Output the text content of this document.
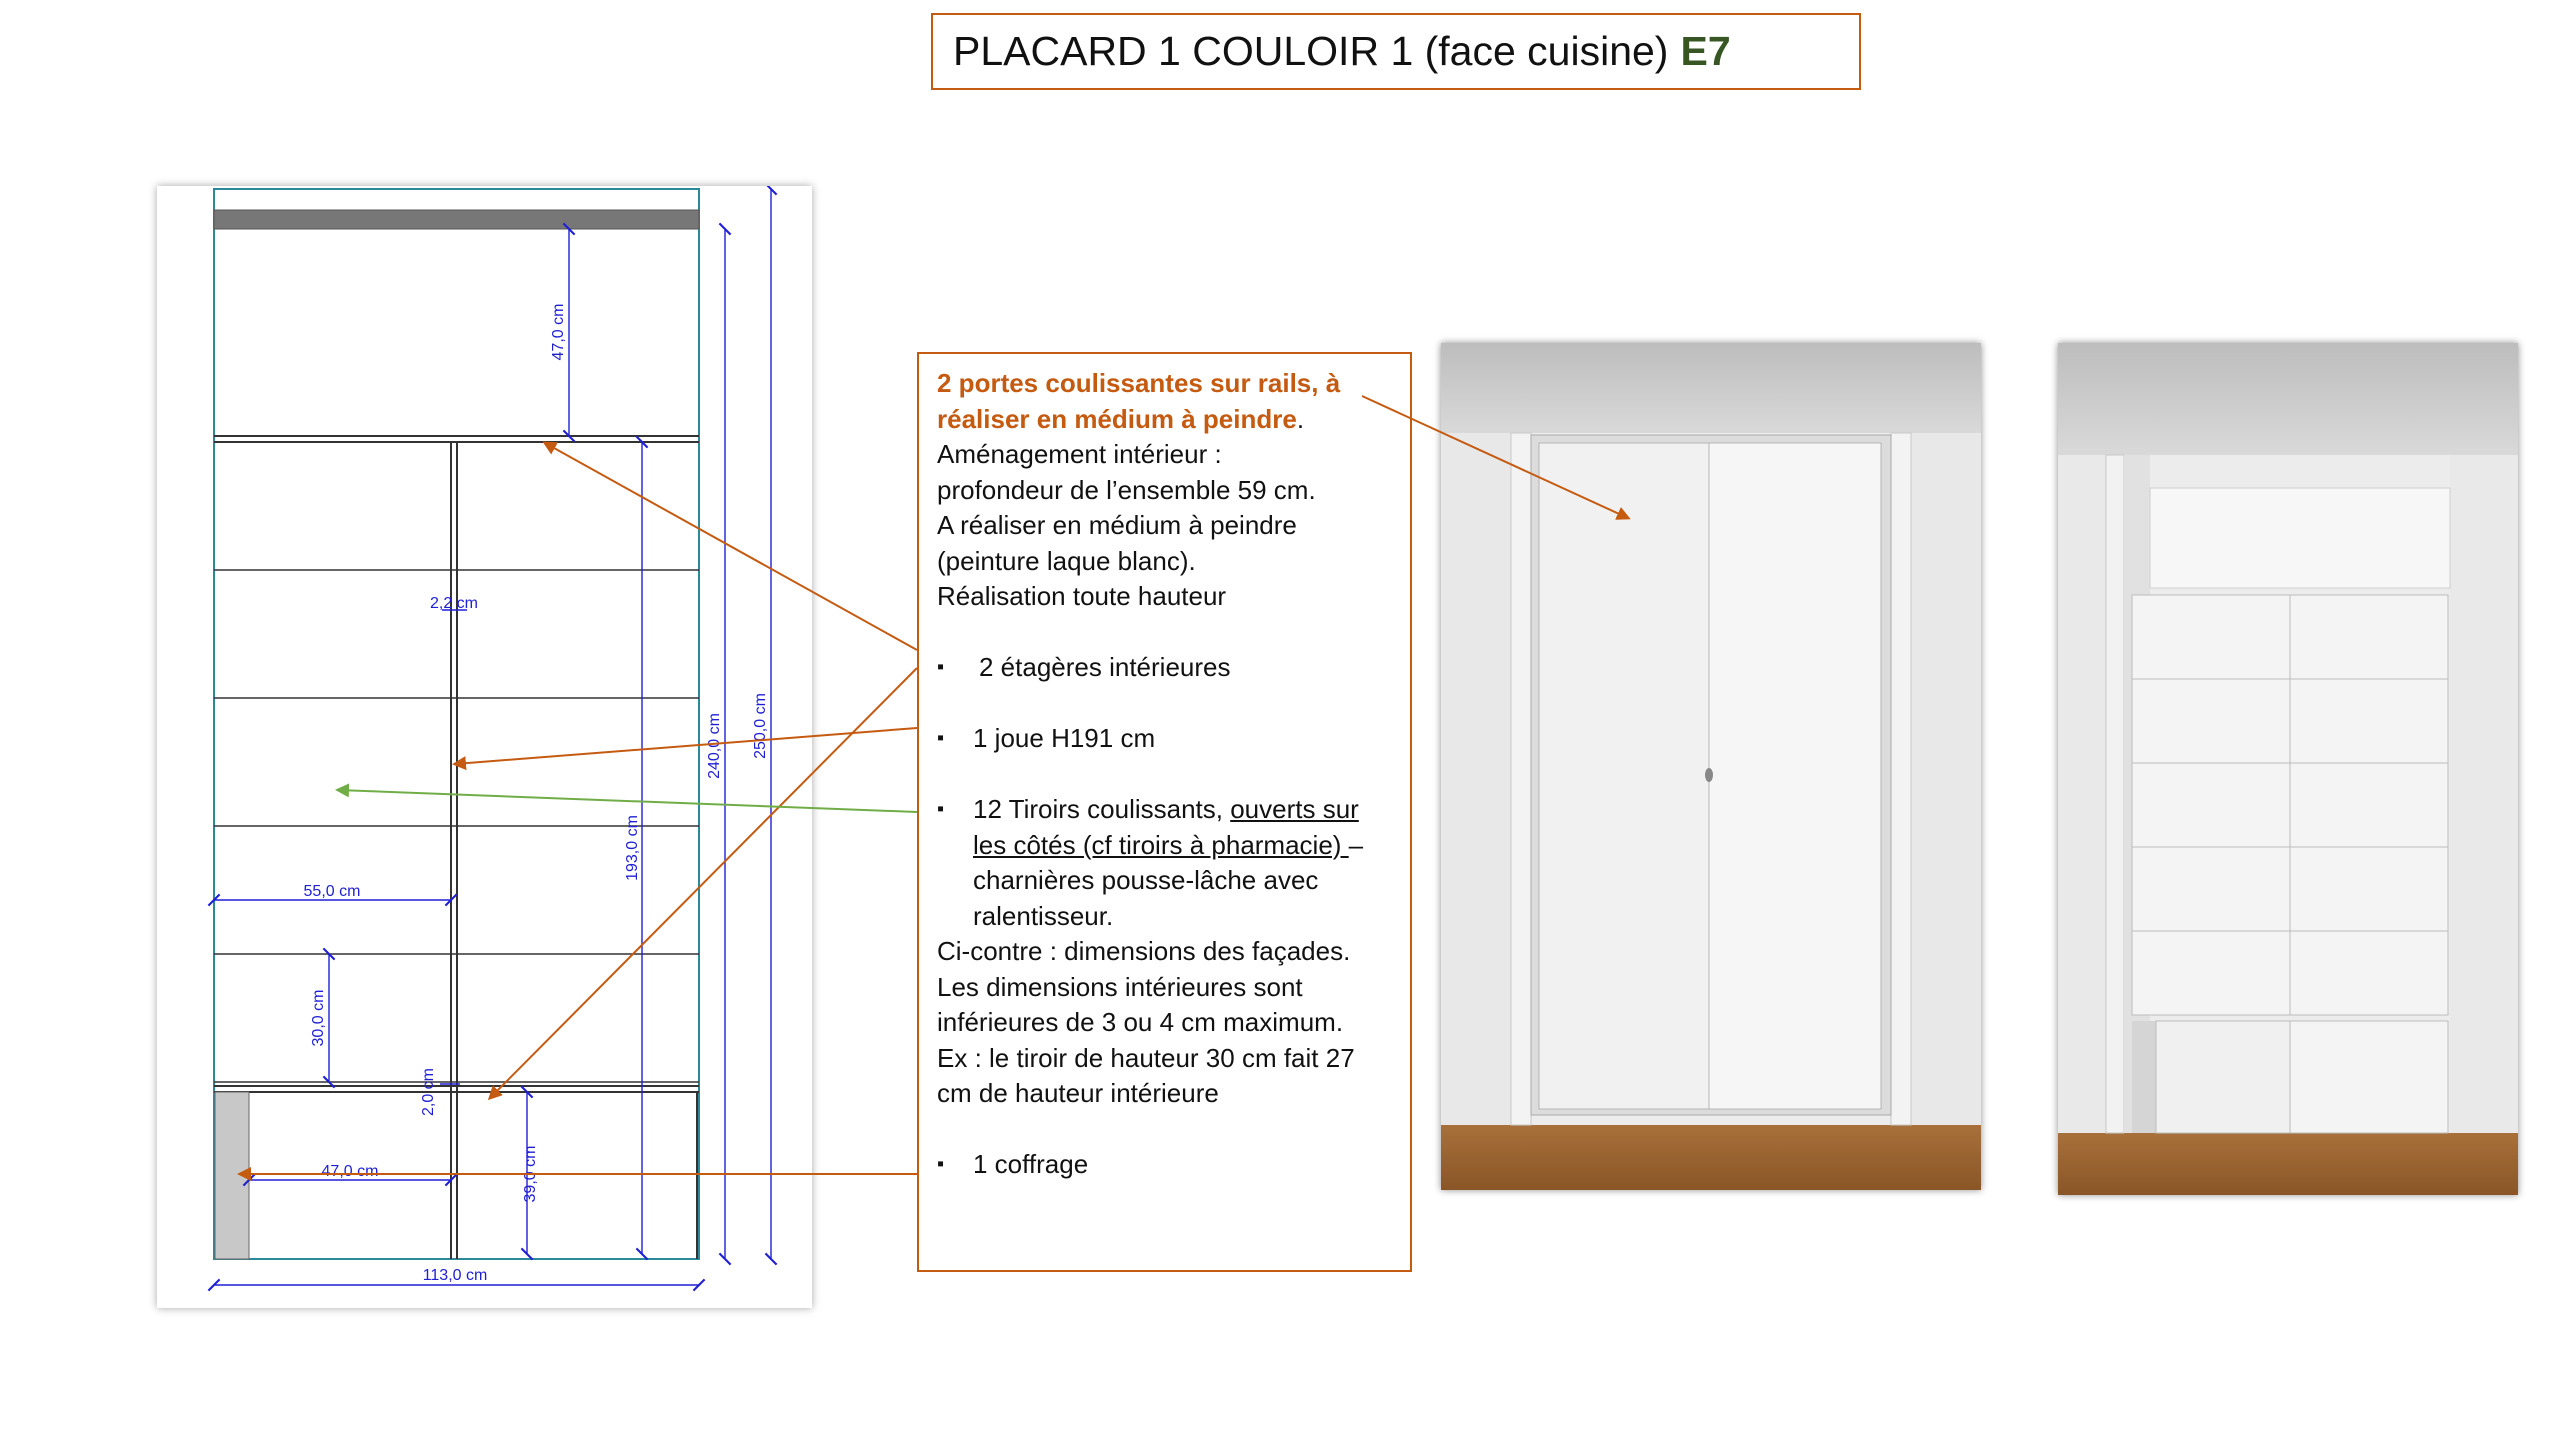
PLACARD 1 COULOIR 1 (face cuisine) E7
47,0 cm
2,2 cm
55,0 cm
30,0 cm
2,0 cm
39,0 cm
47,0 cm
193,0 cm
113,0 cm
240,0 cm 250,0 cm

2 portes coulissantes sur rails, à réaliser en médium à peindre.

Aménagement intérieur :

profondeur de l’ensemble 59 cm.

A réaliser en médium à peindre

(peinture laque blanc).

Réalisation toute hauteur

▪	2 étagères intérieures
▪	1 joue H191 cm
▪	12 Tiroirs coulissants, ouverts sur les côtés (cf tiroirs à pharmacie) – charnières pousse-lâche avec ralentisseur.

Ci-contre : dimensions des façades.

Les dimensions intérieures sont inférieures de 3 ou 4 cm maximum.

Ex : le tiroir de hauteur 30 cm fait 27 cm de hauteur intérieure

▪	1 coffrage
